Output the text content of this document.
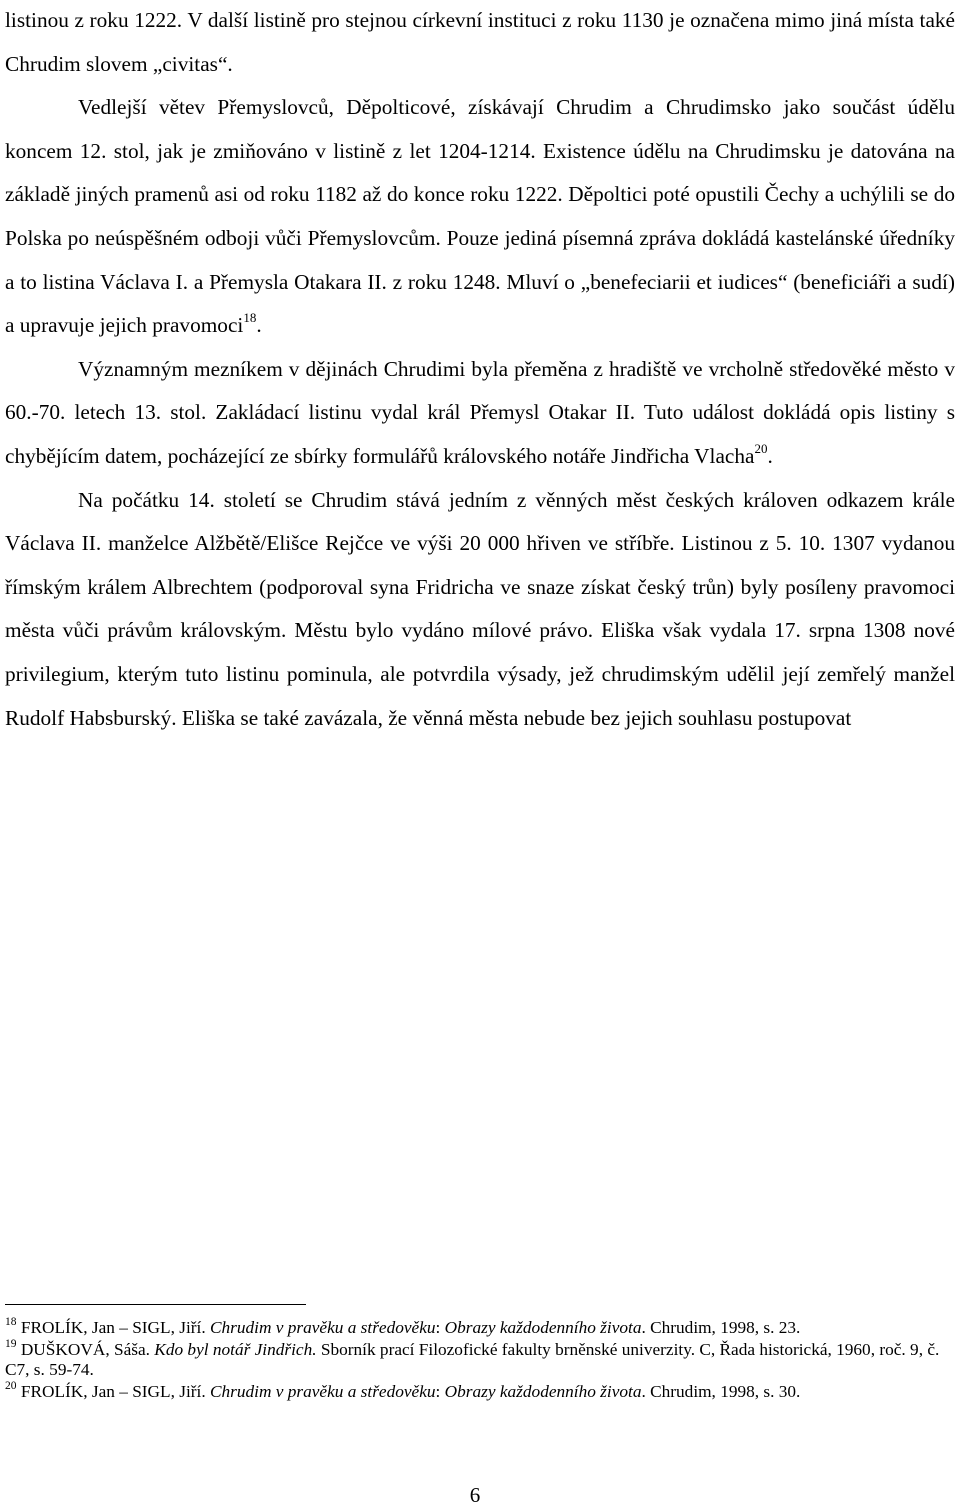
listinou z roku 1222. V další listině pro stejnou církevní instituci z roku 1130 je označena mimo jiná místa také Chrudim slovem „civitas“.

Vedlejší větev Přemyslovců, Děpolticové, získávají Chrudim a Chrudimsko jako součást údělu koncem 12. stol, jak je zmiňováno v listině z let 1204-1214. Existence údělu na Chrudimsku je datována na základě jiných pramenů asi od roku 1182 až do konce roku 1222. Děpoltici poté opustili Čechy a uchýlili se do Polska po neúspěšném odboji vůči Přemyslovcům. Pouze jediná písemná zpráva dokládá kastelánské úředníky a to listina Václava I. a Přemysla Otakara II. z roku 1248. Mluví o „benefeciarii et iudices“ (beneficiáři a sudí) a upravuje jejich pravomoci$^{18}$.

Významným mezníkem v dějinách Chrudimi byla přeměna z hradiště ve vrcholně středověké město v 60.-70. letech 13. stol. Zakládací listinu vydal král Přemysl Otakar II. Tuto událost dokládá opis listiny s chybějícím datem, pocházející ze sbírky formulářů královského notáře Jindřicha Vlacha$^{20}$.

Na počátku 14. století se Chrudim stává jedním z věnných měst českých královen odkazem krále Václava II. manželce Alžbětě/Elišce Rejčce ve výši 20 000 hřiven ve stříbře. Listinou z 5. 10. 1307 vydanou římským králem Albrechtem (podporoval syna Fridricha ve snaze získat český trůn) byly posíleny pravomoci města vůči právům královským. Městu bylo vydáno mílové právo. Eliška však vydala 17. srpna 1308 nové privilegium, kterým tuto listinu pominula, ale potvrdila výsady, jež chrudimským udělil její zemřelý manžel Rudolf Habsburský. Eliška se také zavázala, že věnná města nebude bez jejich souhlasu postupovat

$^{18}$ FROLÍK, Jan – SIGL, Jiří. Chrudim v pravěku a středověku: Obrazy každodenního života. Chrudim, 1998, s. 23.

$^{19}$ DUŠKOVÁ, Sáša. Kdo byl notář Jindřich. Sborník prací Filozofické fakulty brněnské univerzity. C, Řada historická, 1960, roč. 9, č. C7, s. 59-74.

$^{20}$ FROLÍK, Jan – SIGL, Jiří. Chrudim v pravěku a středověku: Obrazy každodenního života. Chrudim, 1998, s. 30.

6
